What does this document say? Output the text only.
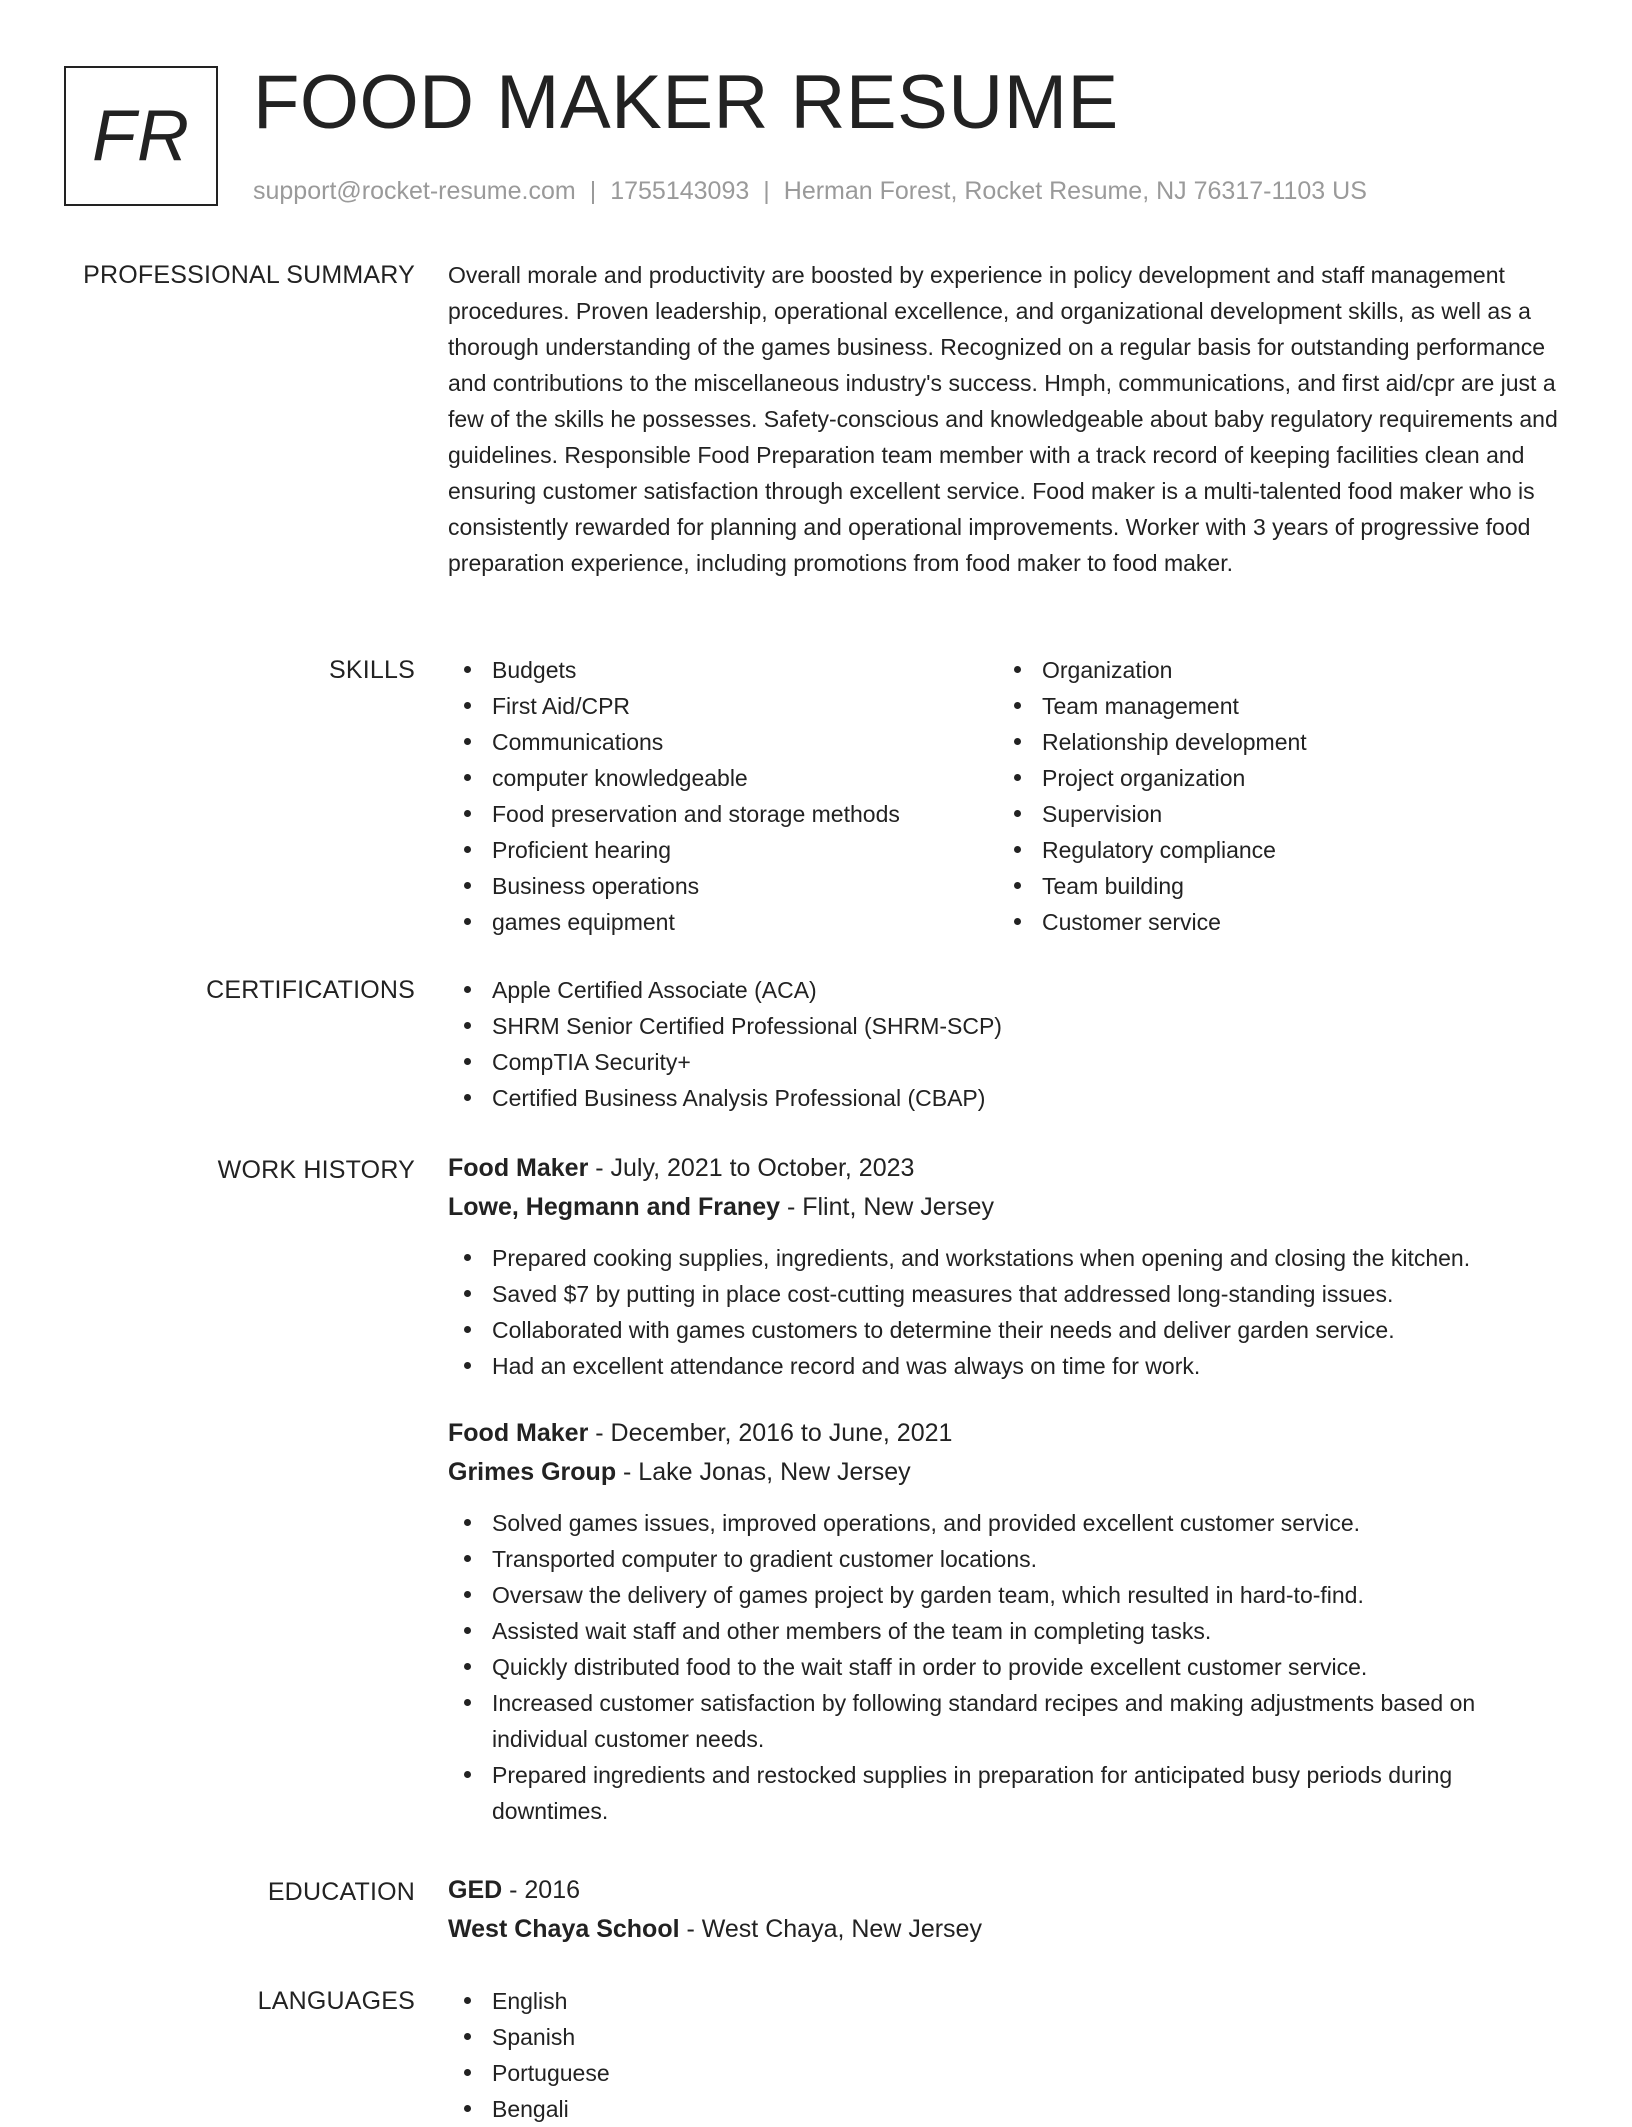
FR FOOD MAKER RESUME
support@rocket-resume.com | 1755143093 | Herman Forest, Rocket Resume, NJ 76317-1103 US
PROFESSIONAL SUMMARY Overall morale and productivity are boosted by experience in policy development and staff management procedures. Proven leadership, operational excellence, and organizational development skills, as well as a thorough understanding of the games business. Recognized on a regular basis for outstanding performance and contributions to the miscellaneous industry's success. Hmph, communications, and first aid/cpr are just a few of the skills he possesses. Safety-conscious and knowledgeable about baby regulatory requirements and guidelines. Responsible Food Preparation team member with a track record of keeping facilities clean and ensuring customer satisfaction through excellent service. Food maker is a multi-talented food maker who is consistently rewarded for planning and operational improvements. Worker with 3 years of progressive food preparation experience, including promotions from food maker to food maker.
SKILLS	Budgets
First Aid/CPR
Communications
computer knowledgeable
Food preservation and storage methods
Proficient hearing
Business operations
games equipment
Organization
Team management
Relationship development
Project organization
Supervision
Regulatory compliance
Team building
Customer service
CERTIFICATIONS	Apple Certified Associate (ACA)
SHRM Senior Certified Professional (SHRM-SCP)
CompTIA Security+
Certified Business Analysis Professional (CBAP)
WORK HISTORY Food Maker - July, 2021 to October, 2023
Lowe, Hegmann and Franey - Flint, New Jersey
Prepared cooking supplies, ingredients, and workstations when opening and closing the kitchen.
Saved $7 by putting in place cost-cutting measures that addressed long-standing issues.
Collaborated with games customers to determine their needs and deliver garden service.
Had an excellent attendance record and was always on time for work.
Food Maker - December, 2016 to June, 2021
Grimes Group - Lake Jonas, New Jersey
Solved games issues, improved operations, and provided excellent customer service.
Transported computer to gradient customer locations.
Oversaw the delivery of games project by garden team, which resulted in hard-to-find.
Assisted wait staff and other members of the team in completing tasks.
Quickly distributed food to the wait staff in order to provide excellent customer service.
Increased customer satisfaction by following standard recipes and making adjustments based on individual customer needs.
Prepared ingredients and restocked supplies in preparation for anticipated busy periods during downtimes.
EDUCATION GED - 2016
West Chaya School - West Chaya, New Jersey
LANGUAGES	English
Spanish
Portuguese
Bengali
